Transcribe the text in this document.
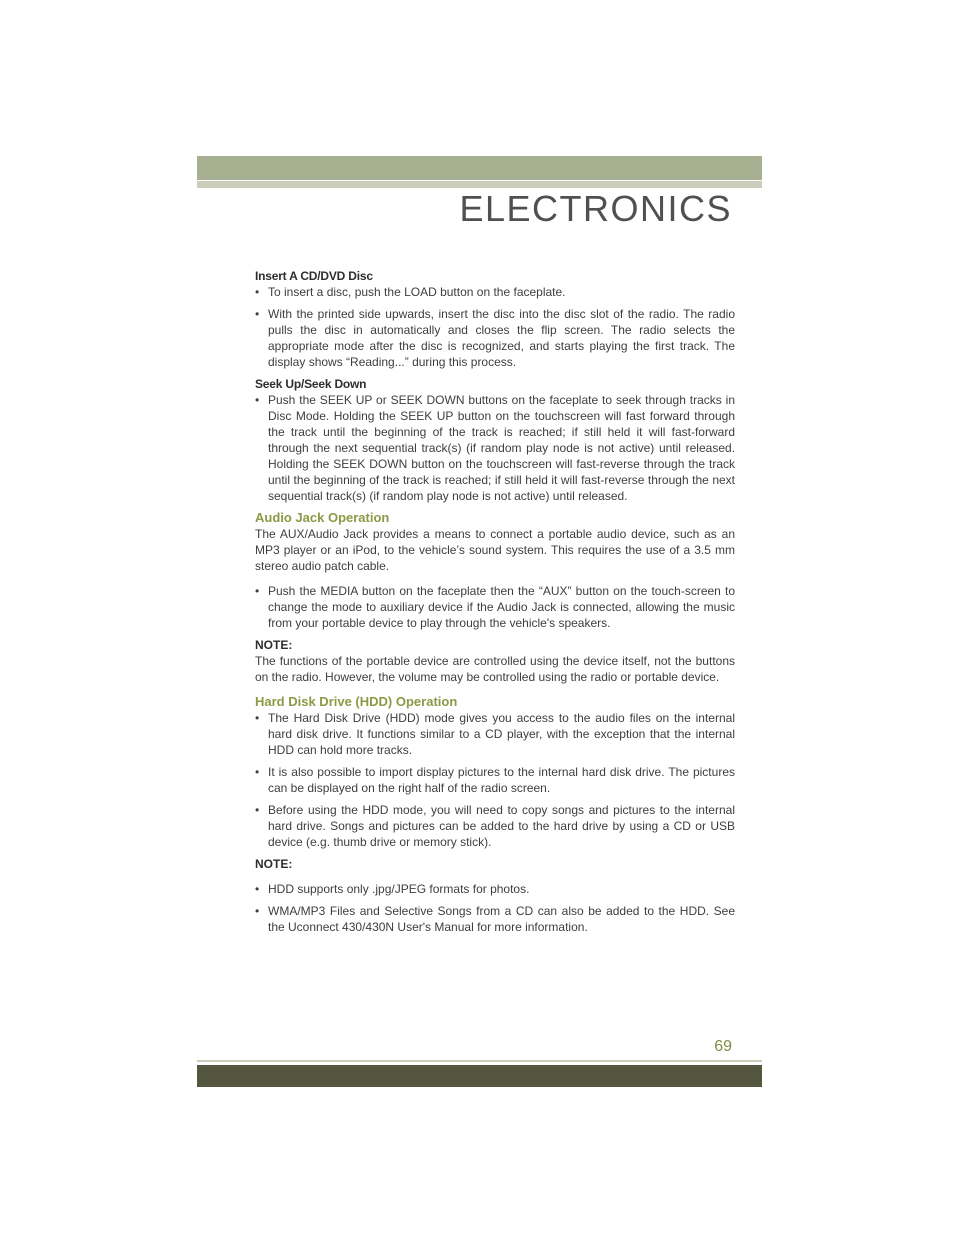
ELECTRONICS

Insert A CD/DVD Disc

• To insert a disc, push the LOAD button on the faceplate.
• With the printed side upwards, insert the disc into the disc slot of the radio. The radio pulls the disc in automatically and closes the flip screen. The radio selects the appropriate mode after the disc is recognized, and starts playing the first track. The display shows “Reading...” during this process.

Seek Up/Seek Down

• Push the SEEK UP or SEEK DOWN buttons on the faceplate to seek through tracks in Disc Mode. Holding the SEEK UP button on the touchscreen will fast forward through the track until the beginning of the track is reached; if still held it will fast-forward through the next sequential track(s) (if random play node is not active) until released. Holding the SEEK DOWN button on the touchscreen will fast-reverse through the track until the beginning of the track is reached; if still held it will fast-reverse through the next sequential track(s) (if random play node is not active) until released.

Audio Jack Operation

The AUX/Audio Jack provides a means to connect a portable audio device, such as an MP3 player or an iPod, to the vehicle’s sound system. This requires the use of a 3.5 mm stereo audio patch cable.

• Push the MEDIA button on the faceplate then the “AUX” button on the touch-screen to change the mode to auxiliary device if the Audio Jack is connected, allowing the music from your portable device to play through the vehicle's speakers.

NOTE:

The functions of the portable device are controlled using the device itself, not the buttons on the radio. However, the volume may be controlled using the radio or portable device.

Hard Disk Drive (HDD) Operation

• The Hard Disk Drive (HDD) mode gives you access to the audio files on the internal hard disk drive. It functions similar to a CD player, with the exception that the internal HDD can hold more tracks.
• It is also possible to import display pictures to the internal hard disk drive. The pictures can be displayed on the right half of the radio screen.
• Before using the HDD mode, you will need to copy songs and pictures to the internal hard drive. Songs and pictures can be added to the hard drive by using a CD or USB device (e.g. thumb drive or memory stick).

NOTE:

• HDD supports only .jpg/JPEG formats for photos.
• WMA/MP3 Files and Selective Songs from a CD can also be added to the HDD. See the Uconnect 430/430N User's Manual for more information.
69
